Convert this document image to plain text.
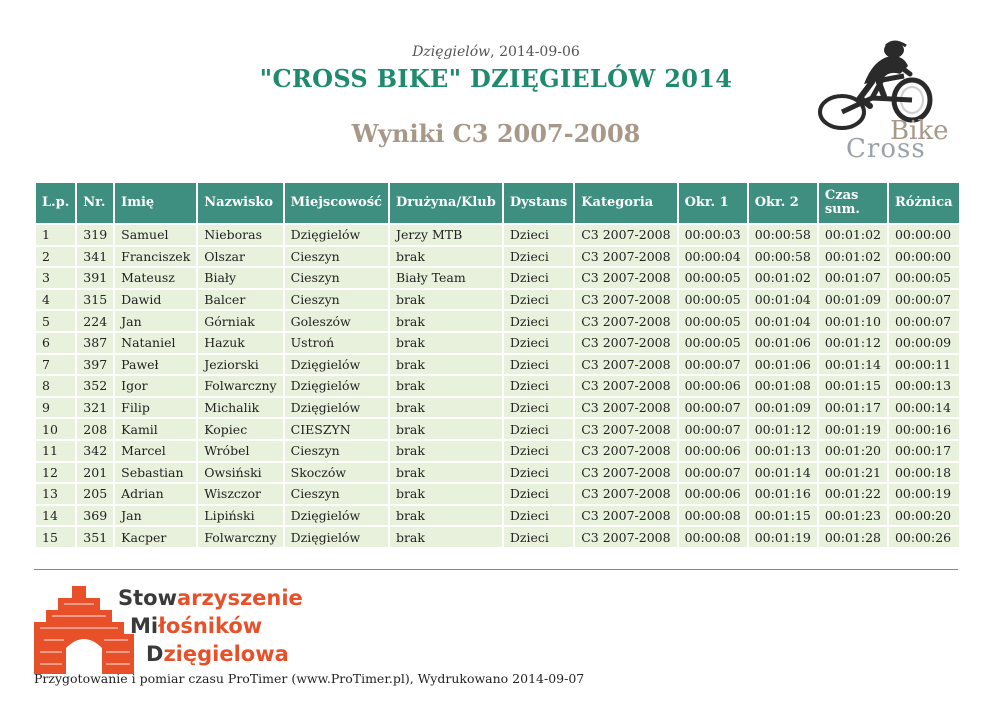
Dzięgielów, 2014-09-06
"CROSS BIKE" DZIĘGIELÓW 2014
Wyniki C3 2007-2008	Bike
Cross
L.p.	Nr.	Imię	Nazwisko	Miejscowość	Drużyna/Klub	Dystans	Kategoria	Okr. 1	Okr. 2	Czas sum.	Różnica
1	319	Samuel	Nieboras	Dzięgielów	Jerzy MTB	Dzieci	C3 2007-2008	00:00:03	00:00:58	00:01:02	00:00:00
2	341	Franciszek	Olszar	Cieszyn	brak	Dzieci	C3 2007-2008	00:00:04	00:00:58	00:01:02	00:00:00
3	391	Mateusz	Biały	Cieszyn	Biały Team	Dzieci	C3 2007-2008	00:00:05	00:01:02	00:01:07	00:00:05
4	315	Dawid	Balcer	Cieszyn	brak	Dzieci	C3 2007-2008	00:00:05	00:01:04	00:01:09	00:00:07
5	224	Jan	Górniak	Goleszów	brak	Dzieci	C3 2007-2008	00:00:05	00:01:04	00:01:10	00:00:07
6	387	Nataniel	Hazuk	Ustroń	brak	Dzieci	C3 2007-2008	00:00:05	00:01:06	00:01:12	00:00:09
7	397	Paweł	Jeziorski	Dzięgielów	brak	Dzieci	C3 2007-2008	00:00:07	00:01:06	00:01:14	00:00:11
8	352	Igor	Folwarczny	Dzięgielów	brak	Dzieci	C3 2007-2008	00:00:06	00:01:08	00:01:15	00:00:13
9	321	Filip	Michalik	Dzięgielów	brak	Dzieci	C3 2007-2008	00:00:07	00:01:09	00:01:17	00:00:14
10	208	Kamil	Kopiec	CIESZYN	brak	Dzieci	C3 2007-2008	00:00:07	00:01:12	00:01:19	00:00:16
11	342	Marcel	Wróbel	Cieszyn	brak	Dzieci	C3 2007-2008	00:00:06	00:01:13	00:01:20	00:00:17
12	201	Sebastian	Owsiński	Skoczów	brak	Dzieci	C3 2007-2008	00:00:07	00:01:14	00:01:21	00:00:18
13	205	Adrian	Wiszczor	Cieszyn	brak	Dzieci	C3 2007-2008	00:00:06	00:01:16	00:01:22	00:00:19
14	369	Jan	Lipiński	Dzięgielów	brak	Dzieci	C3 2007-2008	00:00:08	00:01:15	00:01:23	00:00:20
15	351	Kacper	Folwarczny	Dzięgielów	brak	Dzieci	C3 2007-2008	00:00:08	00:01:19	00:01:28	00:00:26
Stowarzyszenie
Miłośników
Dzięgielowa
Przygotowanie i pomiar czasu ProTimer (www.ProTimer.pl), Wydrukowano 2014-09-07
